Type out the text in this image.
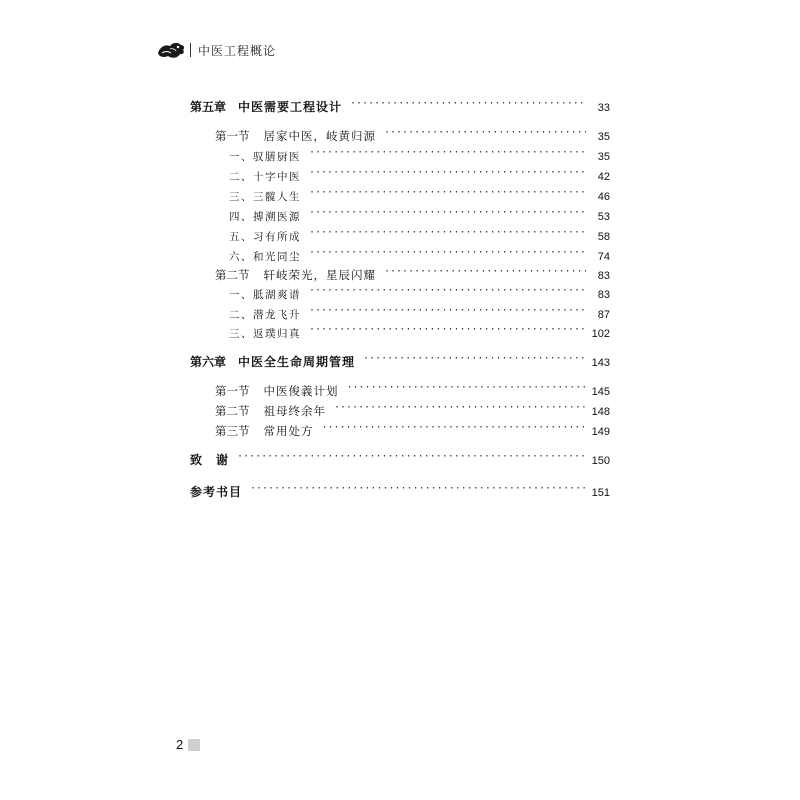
中医工程概论
第五章 中医需要工程设计 ·····	33
第一节 居家中医，岐黄归源 ·····	35
一、驭膳厨医 ·····	35
二、十字中医 ·····	42
三、三髋人生 ·····	46
四、搏溯医源 ·····	53
五、习有所成 ·····	58
六、和光同尘 ·····	74
第二节 轩岐荣光，星辰闪耀 ·····	83
一、胝湖爽谱 ·····	83
二、潜龙飞升 ·····	87
三、返璞归真 ·····	102
第六章 中医全生命周期管理 ·····	143
第一节 中医俊義计划 ·····	145
第二节 祖母终余年 ·····	148
第三节 常用处方 ·····	149
致　谢 ·····	150
参考书目 ·····	151
2
